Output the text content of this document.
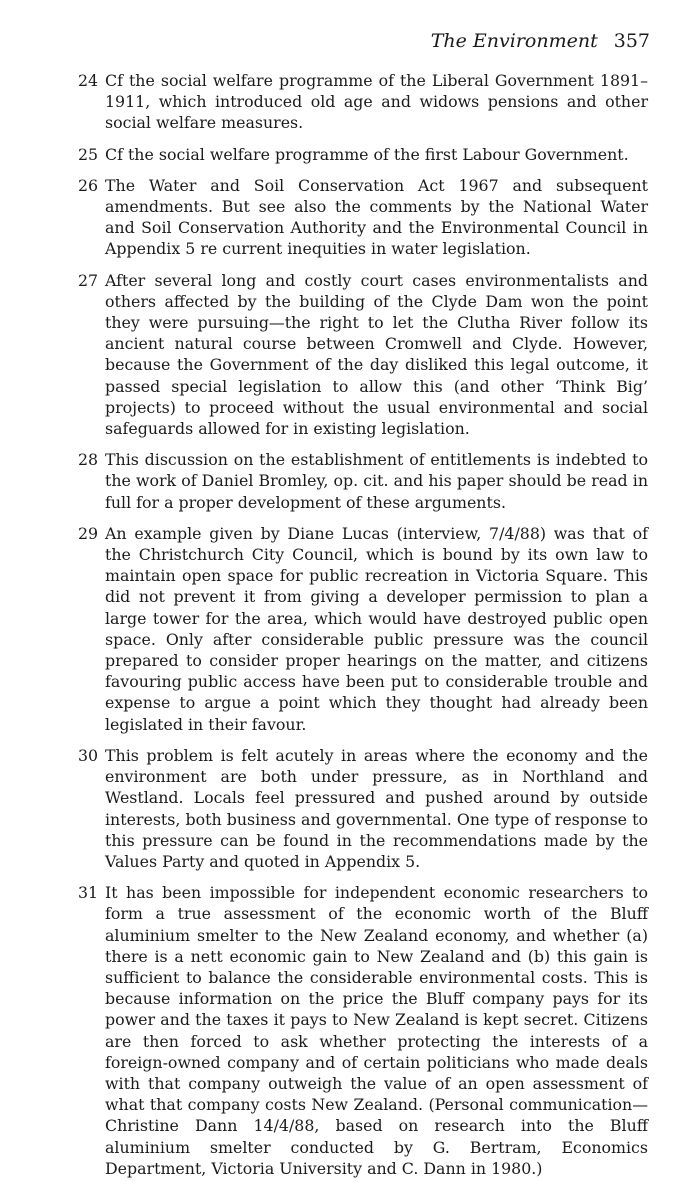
The Environment 357
24 Cf the social welfare programme of the Liberal Government 1891–1911, which introduced old age and widows pensions and other social welfare measures.
25 Cf the social welfare programme of the first Labour Government.
26 The Water and Soil Conservation Act 1967 and subsequent amendments. But see also the comments by the National Water and Soil Conservation Authority and the Environmental Council in Appendix 5 re current inequities in water legislation.
27 After several long and costly court cases environmentalists and others affected by the building of the Clyde Dam won the point they were pursuing—the right to let the Clutha River follow its ancient natural course between Cromwell and Clyde. However, because the Government of the day disliked this legal outcome, it passed special legislation to allow this (and other ‘Think Big’ projects) to proceed without the usual environmental and social safeguards allowed for in existing legislation.
28 This discussion on the establishment of entitlements is indebted to the work of Daniel Bromley, op. cit. and his paper should be read in full for a proper development of these arguments.
29 An example given by Diane Lucas (interview, 7/4/88) was that of the Christchurch City Council, which is bound by its own law to maintain open space for public recreation in Victoria Square. This did not prevent it from giving a developer permission to plan a large tower for the area, which would have destroyed public open space. Only after considerable public pressure was the council prepared to consider proper hearings on the matter, and citizens favouring public access have been put to considerable trouble and expense to argue a point which they thought had already been legislated in their favour.
30 This problem is felt acutely in areas where the economy and the environment are both under pressure, as in Northland and Westland. Locals feel pressured and pushed around by outside interests, both business and governmental. One type of response to this pressure can be found in the recommendations made by the Values Party and quoted in Appendix 5.
31 It has been impossible for independent economic researchers to form a true assessment of the economic worth of the Bluff aluminium smelter to the New Zealand economy, and whether (a) there is a nett economic gain to New Zealand and (b) this gain is sufficient to balance the considerable environmental costs. This is because information on the price the Bluff company pays for its power and the taxes it pays to New Zealand is kept secret. Citizens are then forced to ask whether protecting the interests of a foreign-owned company and of certain politicians who made deals with that company outweigh the value of an open assessment of what that company costs New Zealand. (Personal communication—Christine Dann 14/4/88, based on research into the Bluff aluminium smelter conducted by G. Bertram, Economics Department, Victoria University and C. Dann in 1980.)
